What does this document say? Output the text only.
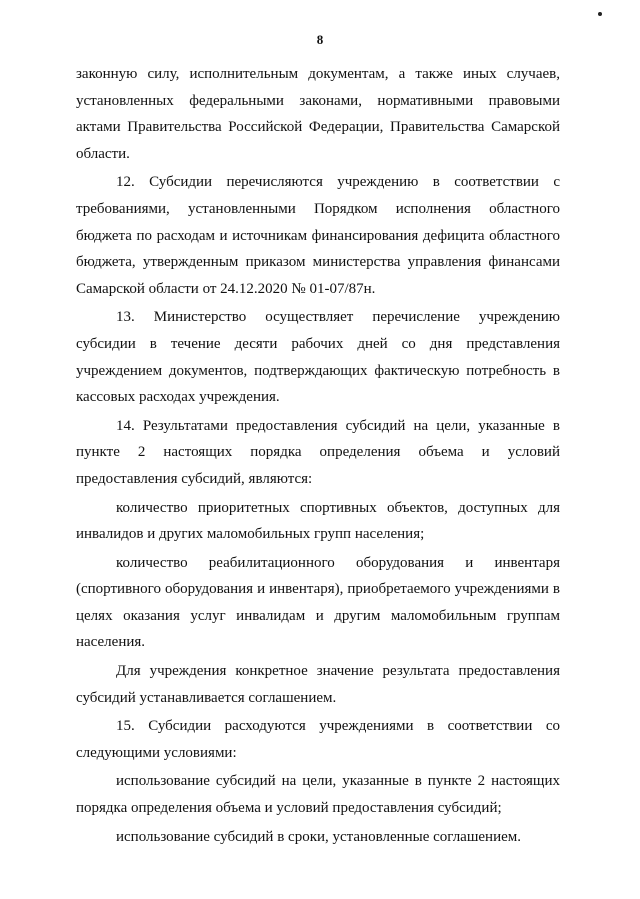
8

законную силу, исполнительным документам, а также иных случаев, установленных федеральными законами, нормативными правовыми актами Правительства Российской Федерации, Правительства Самарской области.

12. Субсидии перечисляются учреждению в соответствии с требованиями, установленными Порядком исполнения областного бюджета по расходам и источникам финансирования дефицита областного бюджета, утвержденным приказом министерства управления финансами Самарской области от 24.12.2020 № 01-07/87н.

13. Министерство осуществляет перечисление учреждению субсидии в течение десяти рабочих дней со дня представления учреждением документов, подтверждающих фактическую потребность в кассовых расходах учреждения.

14. Результатами предоставления субсидий на цели, указанные в пункте 2 настоящих порядка определения объема и условий предоставления субсидий, являются:

количество приоритетных спортивных объектов, доступных для инвалидов и других маломобильных групп населения;

количество реабилитационного оборудования и инвентаря (спортивного оборудования и инвентаря), приобретаемого учреждениями в целях оказания услуг инвалидам и другим маломобильным группам населения.

Для учреждения конкретное значение результата предоставления субсидий устанавливается соглашением.

15. Субсидии расходуются учреждениями в соответствии со следующими условиями:

использование субсидий на цели, указанные в пункте 2 настоящих порядка определения объема и условий предоставления субсидий;

использование субсидий в сроки, установленные соглашением.
